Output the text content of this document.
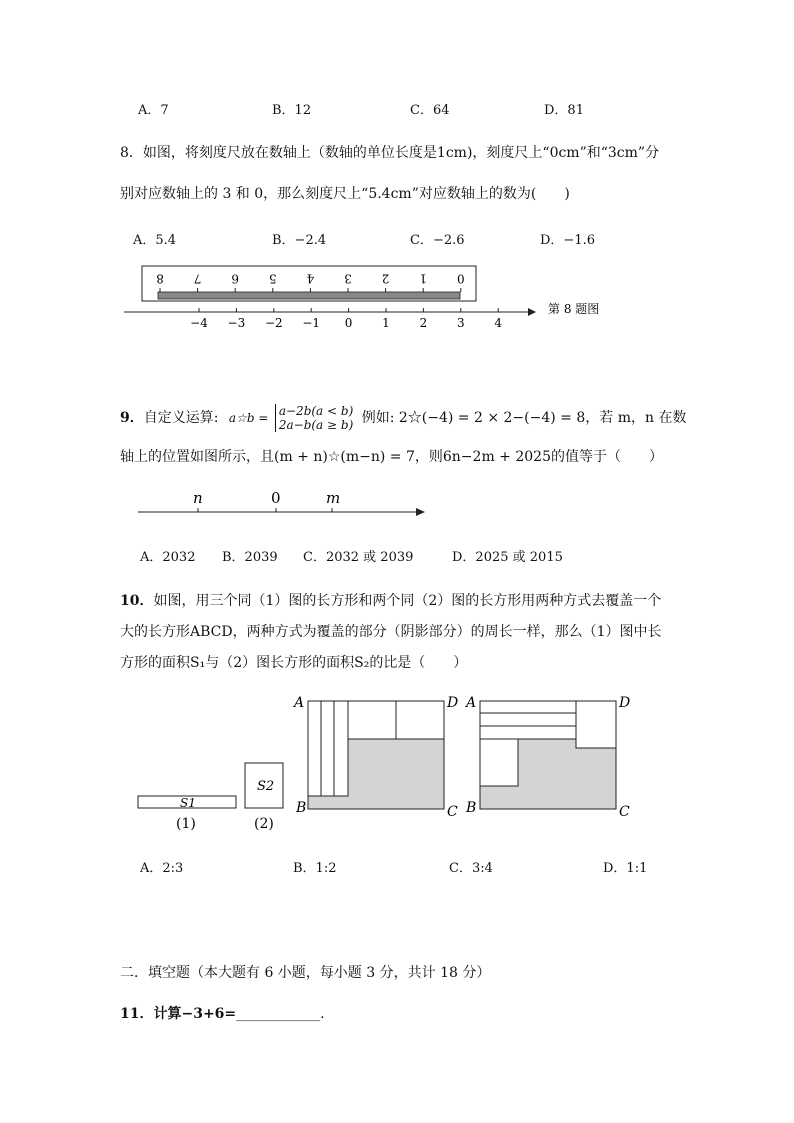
A．7	B．12	C．64	D．81
8．如图，将刻度尺放在数轴上（数轴的单位长度是1cm)，刻度尺上“0cm”和“3cm”分
别对应数轴上的 3 和 0，那么刻度尺上“5.4cm”对应数轴上的数为(　　)
A．5.4	B．−2.4	C．−2.6	D．−1.6
8 7 6 5 4 3 2 1 0
−4 −3 −2 −1 0 1 2 3 4
第 8 题图
9．自定义运算: a☆b = a−2b(a < b)
2a−b(a ≥ b) 例如: 2☆(−4) = 2 × 2−(−4) = 8，若 m，n 在数
轴上的位置如图所示，且(m + n)☆(m−n) = 7，则6n−2m + 2025的值等于（　　）
n	0	m
A．2032 B．2039 C．2032 或 2039	D．2025 或 2015
10．如图，用三个同（1）图的长方形和两个同（2）图的长方形用两种方式去覆盖一个
大的长方形ABCD，两种方式为覆盖的部分（阴影部分）的周长一样，那么（1）图中长
方形的面积S₁与（2）图长方形的面积S₂的比是（　　）
S1
(1)
S2
(2)
A	D
B	C
A	D
B	C
A．2:3	B．1:2	C．3:4	D．1:1
二．填空题（本大题有 6 小题，每小题 3 分，共计 18 分）
11．计算−3+6=____________.
